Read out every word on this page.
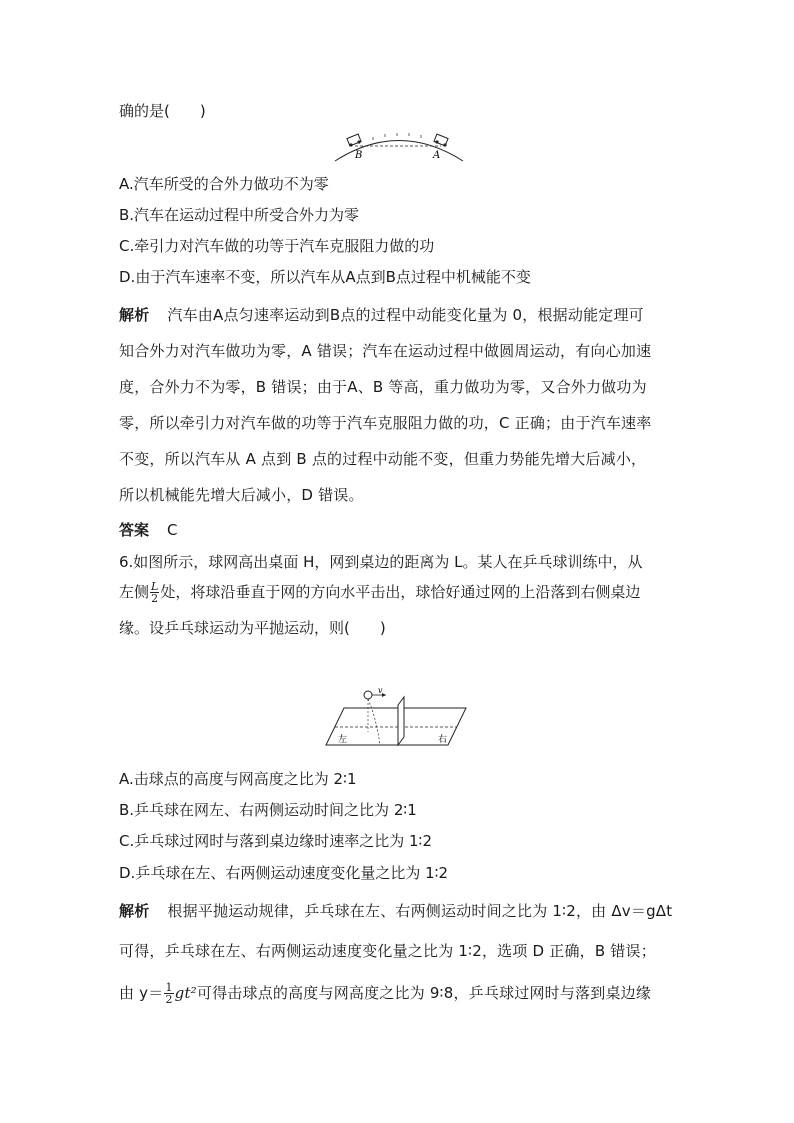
确的是(　　)
B	A
A.汽车所受的合外力做功不为零
B.汽车在运动过程中所受合外力为零
C.牵引力对汽车做的功等于汽车克服阻力做的功
D.由于汽车速率不变，所以汽车从A点到B点过程中机械能不变
解析 汽车由A点匀速率运动到B点的过程中动能变化量为 0，根据动能定理可
知合外力对汽车做功为零，A 错误；汽车在运动过程中做圆周运动，有向心加速
度，合外力不为零，B 错误；由于A、B 等高，重力做功为零，又合外力做功为
零，所以牵引力对汽车做的功等于汽车克服阻力做的功，C 正确；由于汽车速率
不变，所以汽车从 A 点到 B 点的过程中动能不变，但重力势能先增大后减小，
所以机械能先增大后减小，D 错误。
答案 C
6.如图所示，球网高出桌面 H，网到桌边的距离为 L。某人在乒乓球训练中，从
左侧 $\frac{L}{2}$ 处，将球沿垂直于网的方向水平击出，球恰好通过网的上沿落到右侧桌边
缘。设乒乓球运动为平抛运动，则(　　)
v
左	右
A.击球点的高度与网高度之比为 2∶1
B.乒乓球在网左、右两侧运动时间之比为 2∶1
C.乒乓球过网时与落到桌边缘时速率之比为 1∶2
D.乒乓球在左、右两侧运动速度变化量之比为 1∶2
解析 根据平抛运动规律，乒乓球在左、右两侧运动时间之比为 1∶2，由 Δv＝gΔt
可得，乒乓球在左、右两侧运动速度变化量之比为 1∶2，选项 D 正确，B 错误；
由 $y= \frac{1}{2} gt^2$可得击球点的高度与网高度之比为 9∶8，乒乓球过网时与落到桌边缘
